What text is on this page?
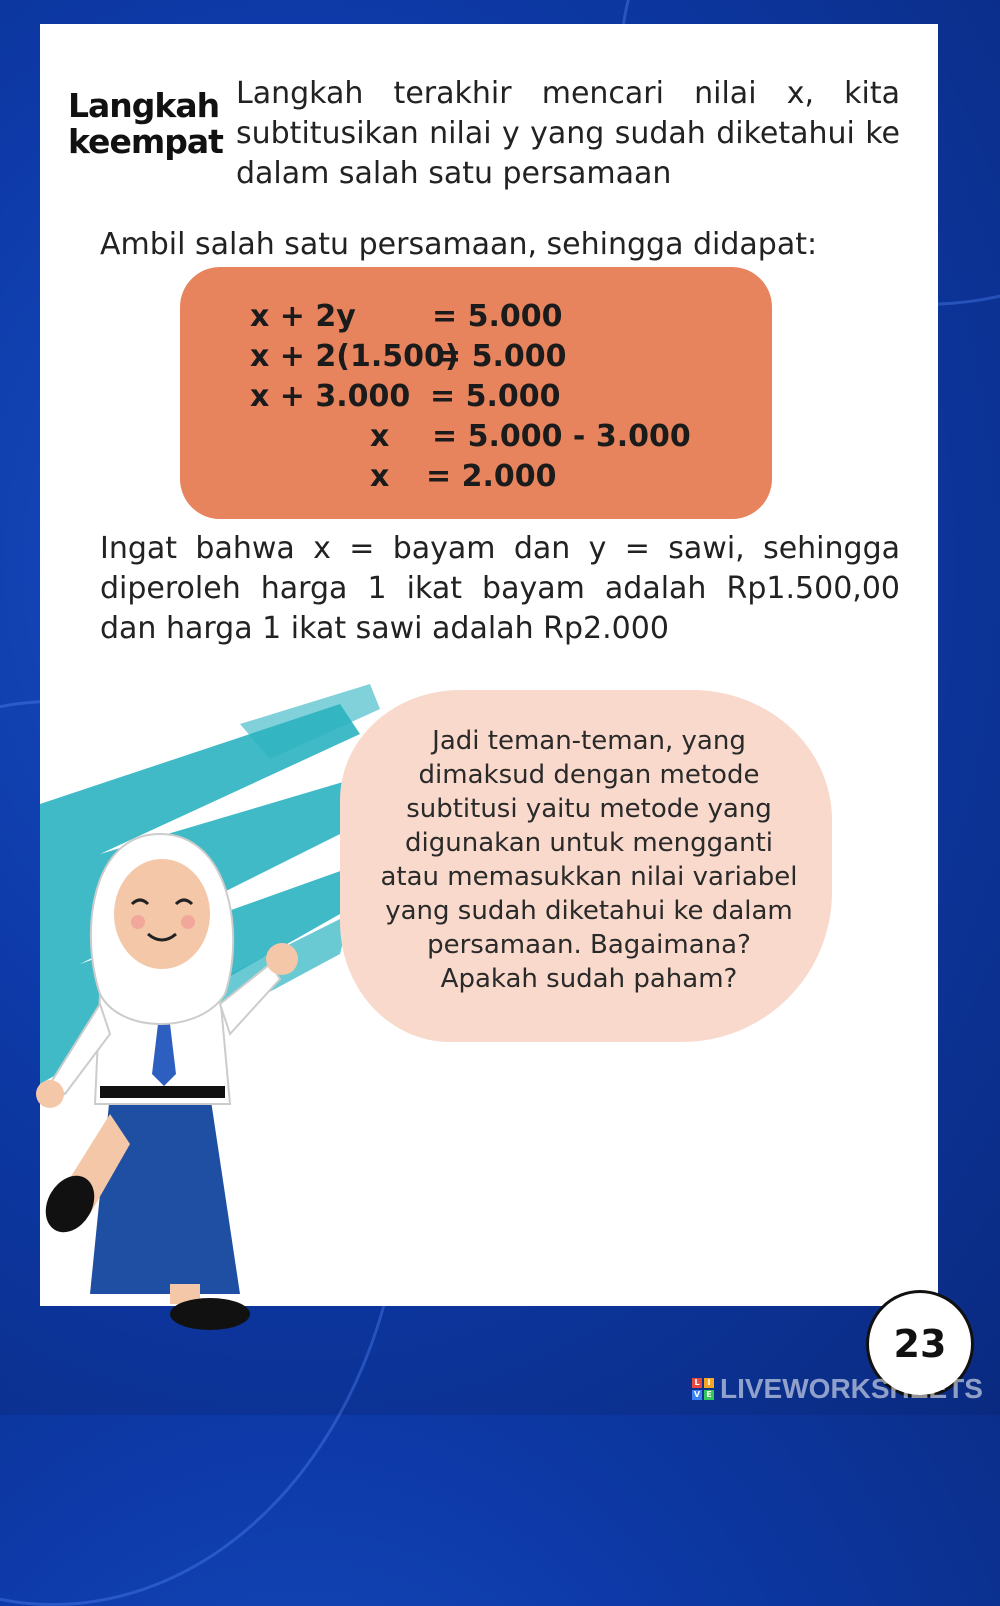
Langkah
keempat
Langkah terakhir mencari nilai x, kita subtitusikan nilai y yang sudah diketahui ke dalam salah satu persamaan
Ambil salah satu persamaan, sehingga didapat:
x + 2y	= 5.000
x + 2(1.500)
= 5.000
x + 3.000 = 5.000
x = 5.000 - 3.000
x = 2.000
Ingat bahwa x = bayam dan y = sawi, sehingga
diperoleh harga 1 ikat bayam adalah Rp1.500,00
dan harga 1 ikat sawi adalah Rp2.000
Jadi teman-teman, yang dimaksud dengan metode subtitusi yaitu metode yang digunakan untuk mengganti atau memasukkan nilai variabel yang sudah diketahui ke dalam persamaan. Bagaimana? Apakah sudah paham?
23
L I
V E LIVEWORKSHEETS
